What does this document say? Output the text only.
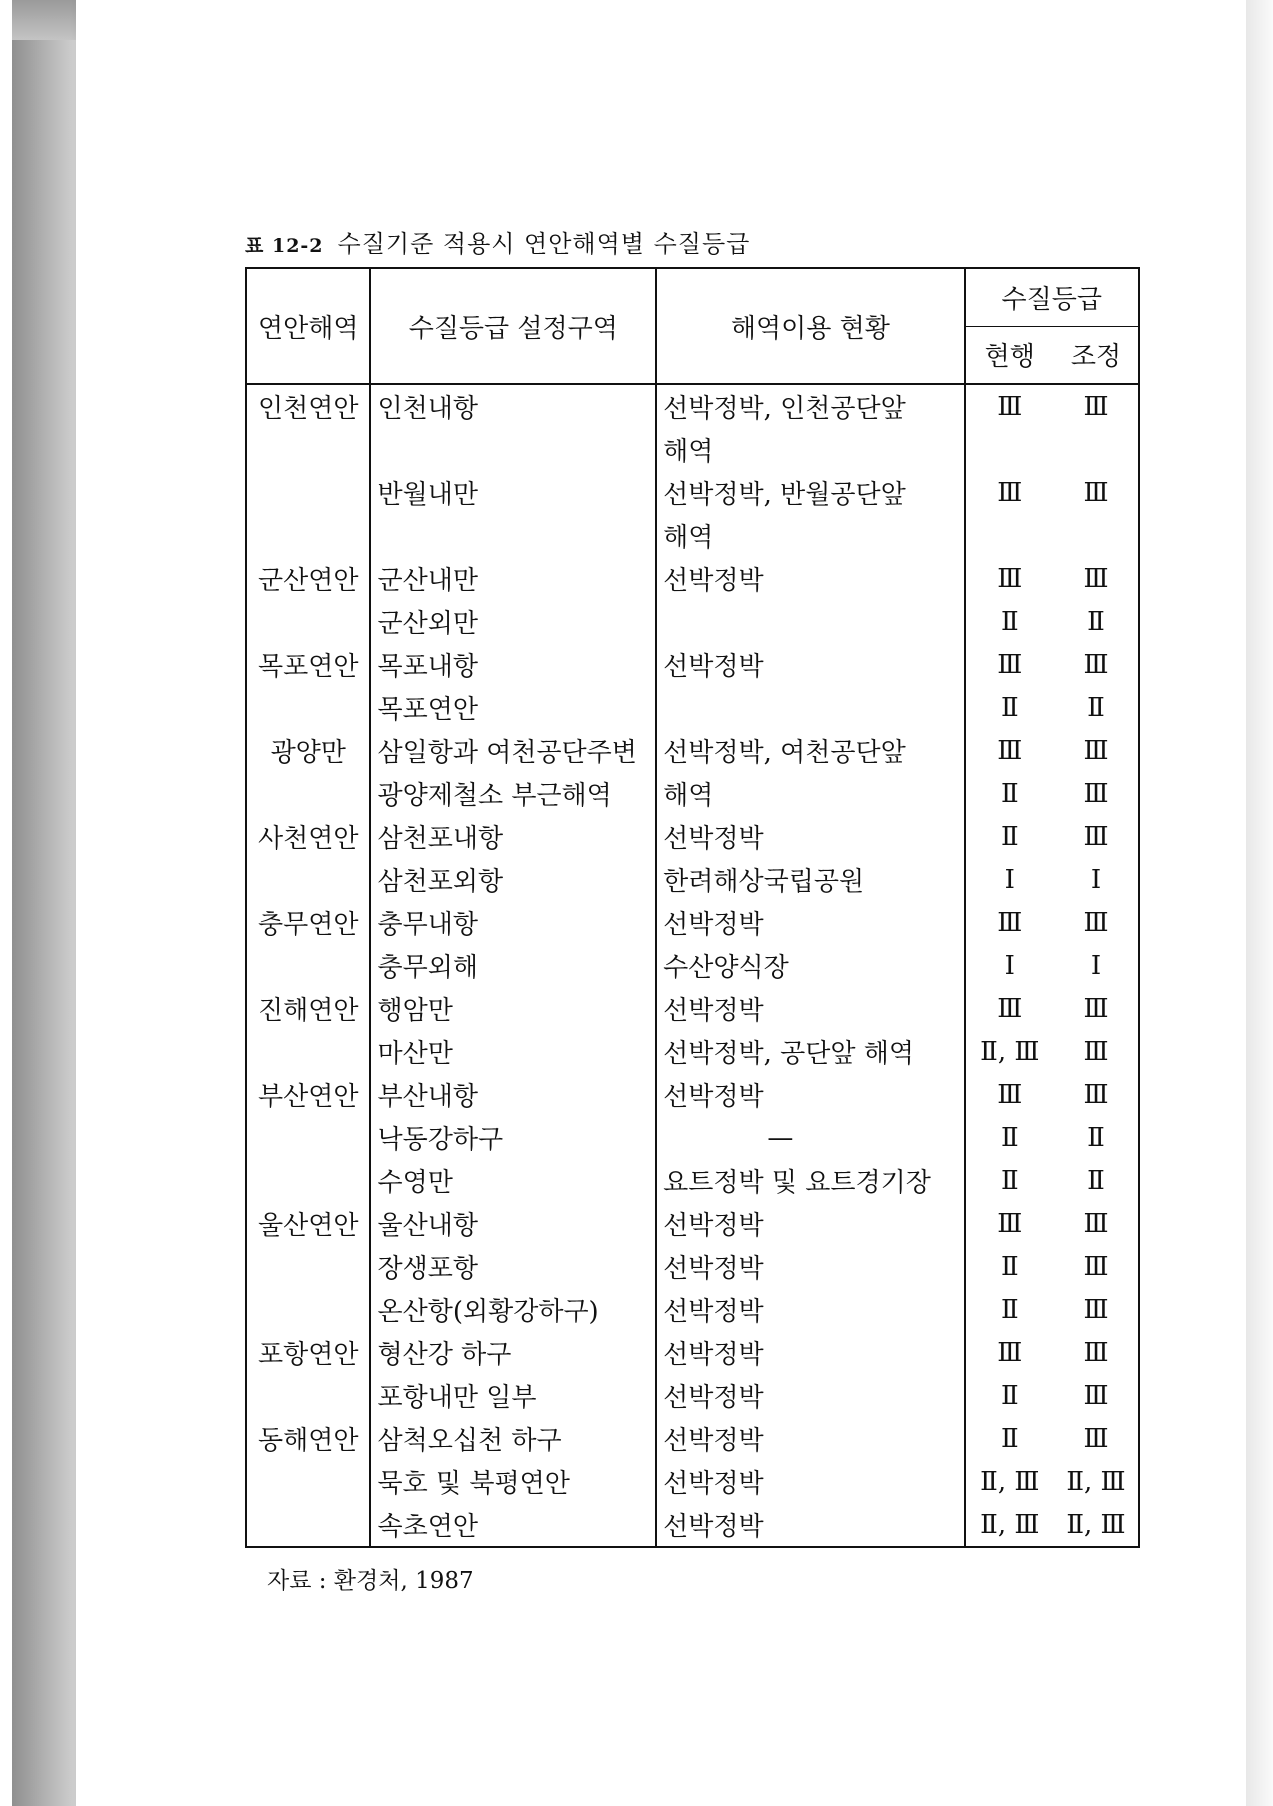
표 12-2 수질기준 적용시 연안해역별 수질등급
연안해역	수질등급 설정구역	해역이용 현황	수질등급	
			현행	조정
인천연안	인천내항	선박정박, 인천공단앞	Ⅲ	Ⅲ
		해역		
	반월내만	선박정박, 반월공단앞	Ⅲ	Ⅲ
		해역		
군산연안	군산내만	선박정박	Ⅲ	Ⅲ
	군산외만		Ⅱ	Ⅱ
목포연안	목포내항	선박정박	Ⅲ	Ⅲ
	목포연안		Ⅱ	Ⅱ
광양만	삼일항과 여천공단주변	선박정박, 여천공단앞	Ⅲ	Ⅲ
	광양제철소 부근해역	해역	Ⅱ	Ⅲ
사천연안	삼천포내항	선박정박	Ⅱ	Ⅲ
	삼천포외항	한려해상국립공원	Ⅰ	Ⅰ
충무연안	충무내항	선박정박	Ⅲ	Ⅲ
	충무외해	수산양식장	Ⅰ	Ⅰ
진해연안	행암만	선박정박	Ⅲ	Ⅲ
	마산만	선박정박, 공단앞 해역	Ⅱ, Ⅲ	Ⅲ
부산연안	부산내항	선박정박	Ⅲ	Ⅲ
	낙동강하구	—	Ⅱ	Ⅱ
	수영만	요트정박 및 요트경기장	Ⅱ	Ⅱ
울산연안	울산내항	선박정박	Ⅲ	Ⅲ
	장생포항	선박정박	Ⅱ	Ⅲ
	온산항(외황강하구)	선박정박	Ⅱ	Ⅲ
포항연안	형산강 하구	선박정박	Ⅲ	Ⅲ
	포항내만 일부	선박정박	Ⅱ	Ⅲ
동해연안	삼척오십천 하구	선박정박	Ⅱ	Ⅲ
	묵호 및 북평연안	선박정박	Ⅱ, Ⅲ	Ⅱ, Ⅲ
	속초연안	선박정박	Ⅱ, Ⅲ	Ⅱ, Ⅲ
자료 : 환경처, 1987
